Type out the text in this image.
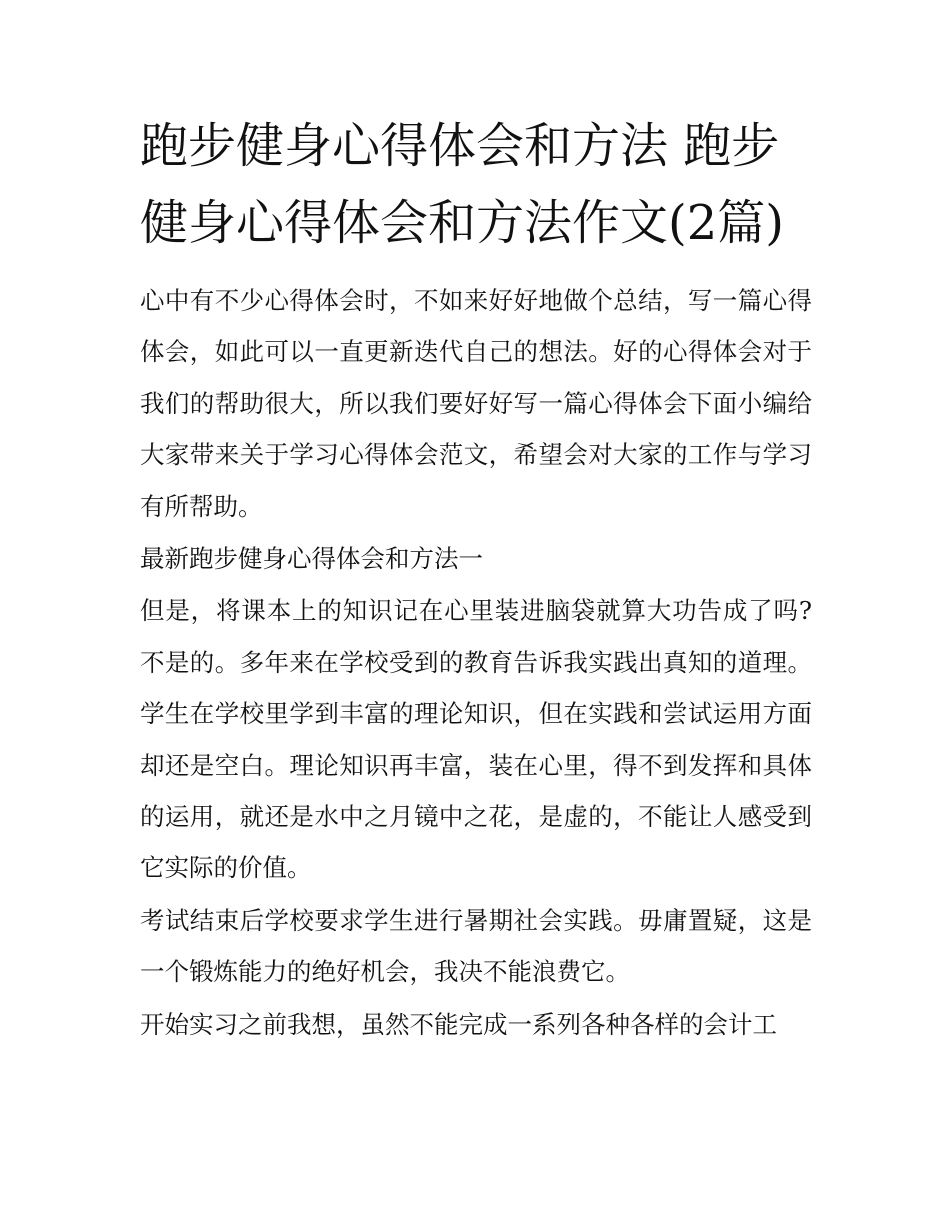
跑步健身心得体会和方法 跑步健身心得体会和方法作文(2篇)

心中有不少心得体会时，不如来好好地做个总结，写一篇心得体会，如此可以一直更新迭代自己的想法。好的心得体会对于我们的帮助很大，所以我们要好好写一篇心得体会下面小编给大家带来关于学习心得体会范文，希望会对大家的工作与学习有所帮助。

最新跑步健身心得体会和方法一

但是，将课本上的知识记在心里装进脑袋就算大功告成了吗?不是的。多年来在学校受到的教育告诉我实践出真知的道理。学生在学校里学到丰富的理论知识，但在实践和尝试运用方面却还是空白。理论知识再丰富，装在心里，得不到发挥和具体的运用，就还是水中之月镜中之花，是虚的，不能让人感受到它实际的价值。

考试结束后学校要求学生进行暑期社会实践。毋庸置疑，这是一个锻炼能力的绝好机会，我决不能浪费它。

开始实习之前我想，虽然不能完成一系列各种各样的会计工
